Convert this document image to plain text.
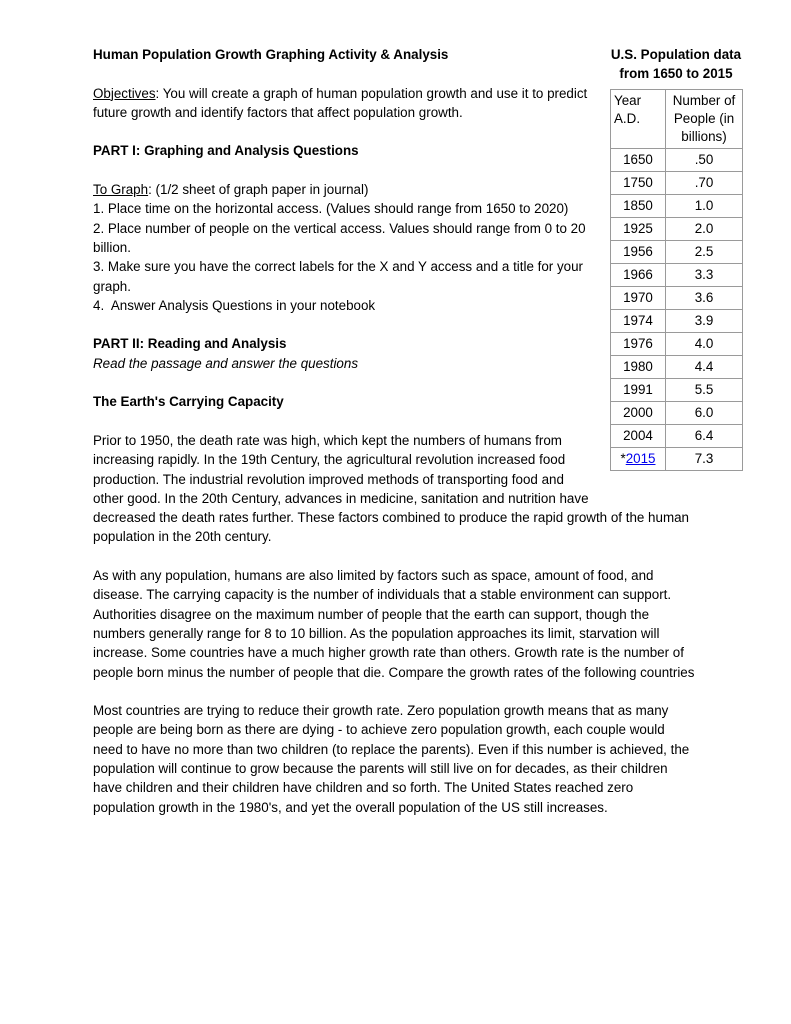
U.S. Population data
from 1650 to 2015
Year A.D.	Number of People (in billions)
1650	.50
1750	.70
1850	1.0
1925	2.0
1956	2.5
1966	3.3
1970	3.6
1974	3.9
1976	4.0
1980	4.4
1991	5.5
2000	6.0
2004	6.4
*2015	7.3
Human Population Growth Graphing Activity & Analysis

Objectives: You will create a graph of human population growth and use it to predict future growth and identify factors that affect population growth.

PART I: Graphing and Analysis Questions
To Graph: (1/2 sheet of graph paper in journal)
1. Place time on the horizontal access. (Values should range from 1650 to 2020)
2. Place number of people on the vertical access. Values should range from 0 to 20 billion.
3. Make sure you have the correct labels for the X and Y access and a title for your graph.
4.  Answer Analysis Questions in your notebook
PART II: Reading and Analysis
Read the passage and answer the questions
The Earth's Carrying Capacity

Prior to 1950, the death rate was high, which kept the numbers of humans from increasing rapidly. In the 19th Century, the agricultural revolution increased food production. The industrial revolution improved methods of transporting food and other good. In the 20th Century, advances in medicine, sanitation and nutrition have decreased the death rates further. These factors combined to produce the rapid growth of the human population in the 20th century.

As with any population, humans are also limited by factors such as space, amount of food, and disease. The carrying capacity is the number of individuals that a stable environment can support. Authorities disagree on the maximum number of people that the earth can support, though the numbers generally range for 8 to 10 billion. As the population approaches its limit, starvation will increase. Some countries have a much higher growth rate than others. Growth rate is the number of people born minus the number of people that die. Compare the growth rates of the following countries

Most countries are trying to reduce their growth rate. Zero population growth means that as many people are being born as there are dying - to achieve zero population growth, each couple would need to have no more than two children (to replace the parents). Even if this number is achieved, the population will continue to grow because the parents will still live on for decades, as their children have children and their children have children and so forth. The United States reached zero population growth in the 1980's, and yet the overall population of the US still increases.
